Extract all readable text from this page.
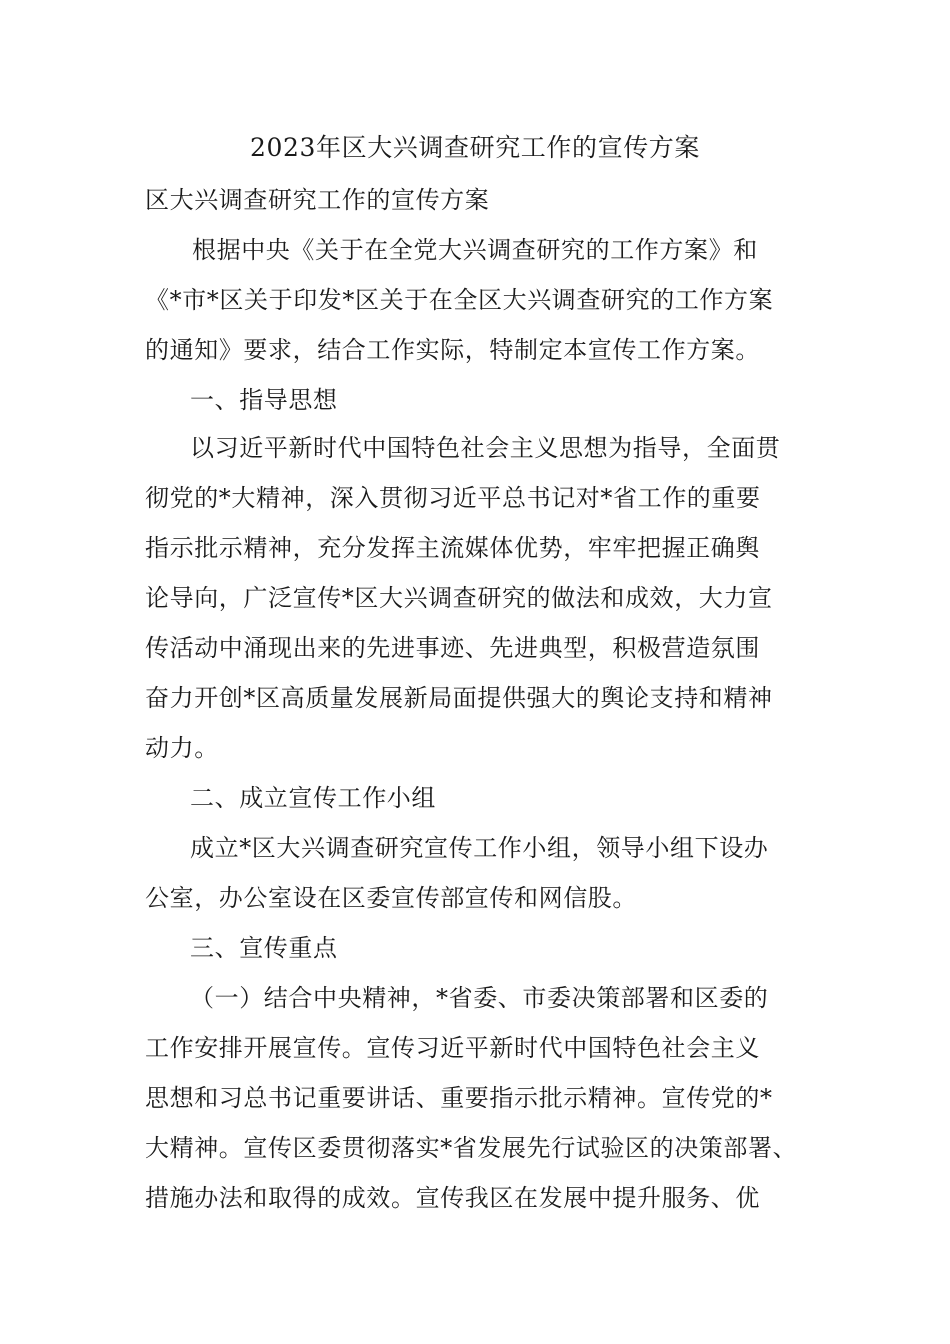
2023年区大兴调查研究工作的宣传方案

区大兴调查研究工作的宣传方案

根据中央《关于在全党大兴调查研究的工作方案》和

《*市*区关于印发*区关于在全区大兴调查研究的工作方案

的通知》要求，结合工作实际，特制定本宣传工作方案。

一、指导思想

以习近平新时代中国特色社会主义思想为指导，全面贯

彻党的*大精神，深入贯彻习近平总书记对*省工作的重要

指示批示精神，充分发挥主流媒体优势，牢牢把握正确舆

论导向，广泛宣传*区大兴调查研究的做法和成效，大力宣

传活动中涌现出来的先进事迹、先进典型，积极营造氛围

奋力开创*区高质量发展新局面提供强大的舆论支持和精神

动力。

二、成立宣传工作小组

成立*区大兴调查研究宣传工作小组，领导小组下设办

公室，办公室设在区委宣传部宣传和网信股。

三、宣传重点

（一）结合中央精神，*省委、市委决策部署和区委的

工作安排开展宣传。宣传习近平新时代中国特色社会主义

思想和习总书记重要讲话、重要指示批示精神。宣传党的*

大精神。宣传区委贯彻落实*省发展先行试验区的决策部署、

措施办法和取得的成效。宣传我区在发展中提升服务、优
